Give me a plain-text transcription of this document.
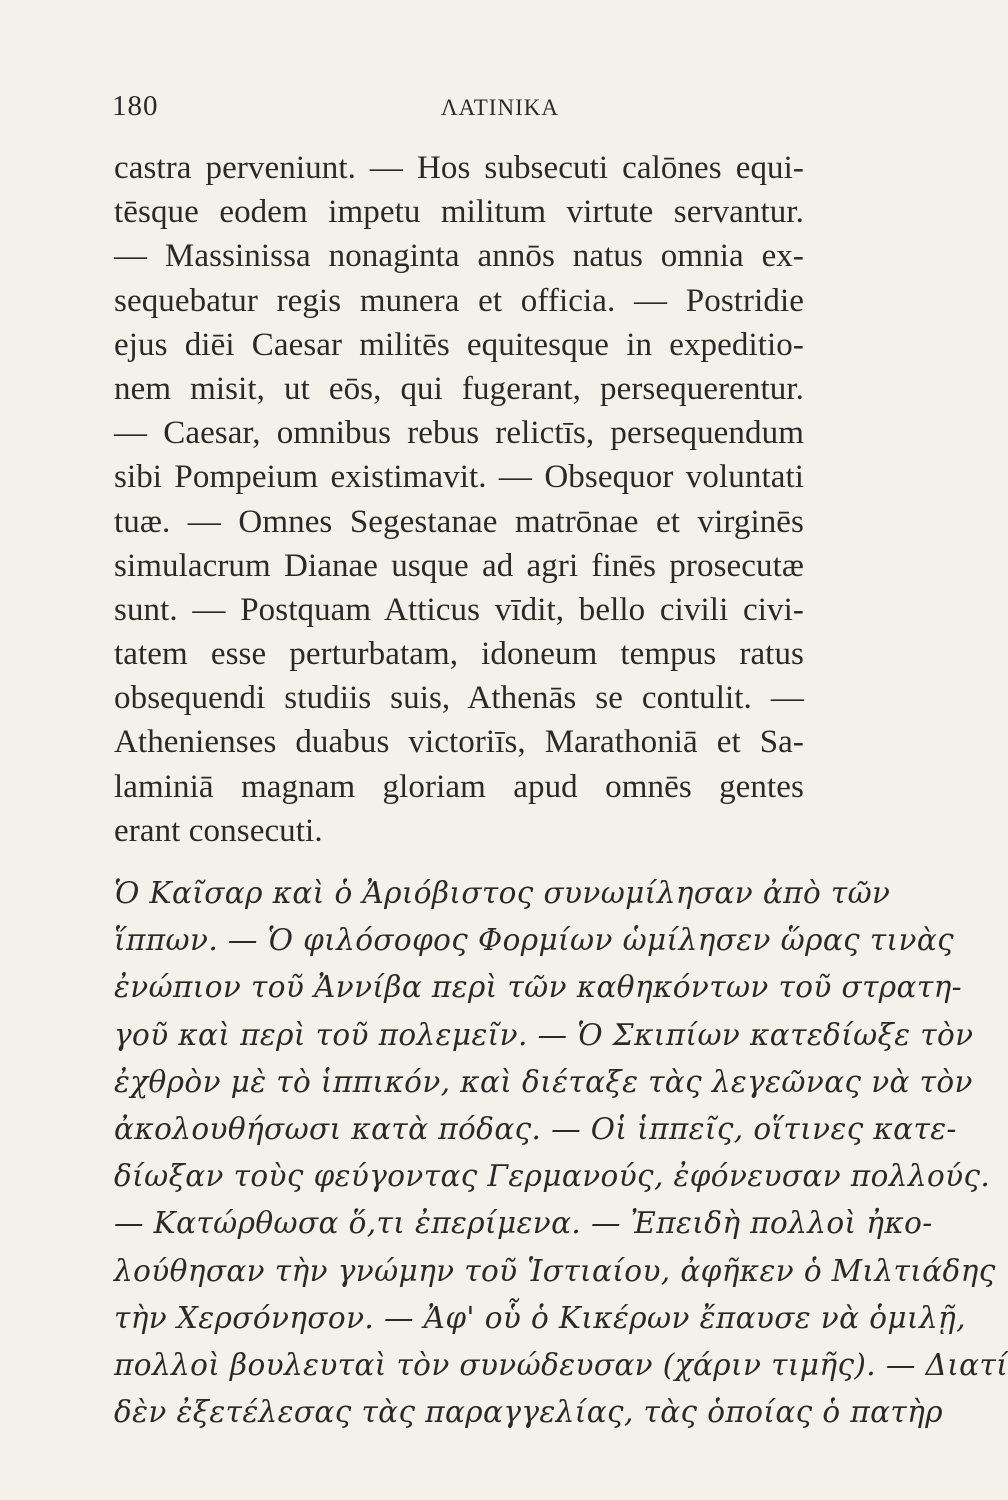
180	ΛΑΤΙΝΙΚΑ
castra perveniunt. — Hos subsecuti calōnes equi-
tēsque eodem impetu militum virtute servantur.
— Massinissa nonaginta annōs natus omnia ex-
sequebatur regis munera et officia. — Postridie
ejus diēi Caesar militēs equitesque in expeditio-
nem misit, ut eōs, qui fugerant, persequerentur.
— Caesar, omnibus rebus relictīs, persequendum
sibi Pompeium existimavit. — Obsequor voluntati
tuæ. — Omnes Segestanae matrōnae et virginēs
simulacrum Dianae usque ad agri finēs prosecutæ
sunt. — Postquam Atticus vīdit, bello civili civi-
tatem esse perturbatam, idoneum tempus ratus
obsequendi studiis suis, Athenās se contulit. —
Athenienses duabus victoriīs, Marathoniā et Sa-
laminiā magnam gloriam apud omnēs gentes
erant consecuti.
Ὁ Καῖσαρ καὶ ὁ Ἀριόβιστος συνωμίλησαν ἀπὸ τῶν
ἵππων. — Ὁ φιλόσοφος Φορμίων ὡμίλησεν ὥρας τινὰς
ἐνώπιον τοῦ Ἀννίβα περὶ τῶν καθηκόντων τοῦ στρατη-
γοῦ καὶ περὶ τοῦ πολεμεῖν. — Ὁ Σκιπίων κατεδίωξε τὸν
ἐχθρὸν μὲ τὸ ἱππικόν, καὶ διέταξε τὰς λεγεῶνας νὰ τὸν
ἀκολουθήσωσι κατὰ πόδας. — Οἱ ἱππεῖς, οἵτινες κατε-
δίωξαν τοὺς φεύγοντας Γερμανούς, ἐφόνευσαν πολλούς.
— Κατώρθωσα ὅ,τι ἐπερίμενα. — Ἐπειδὴ πολλοὶ ἠκο-
λούθησαν τὴν γνώμην τοῦ Ἱστιαίου, ἀφῆκεν ὁ Μιλτιάδης
τὴν Χερσόνησον. — Ἀφ' οὗ ὁ Κικέρων ἔπαυσε νὰ ὁμιλῇ,
πολλοὶ βουλευταὶ τὸν συνώδευσαν (χάριν τιμῆς). — Διατί
δὲν ἐξετέλεσας τὰς παραγγελίας, τὰς ὁποίας ὁ πατὴρ
